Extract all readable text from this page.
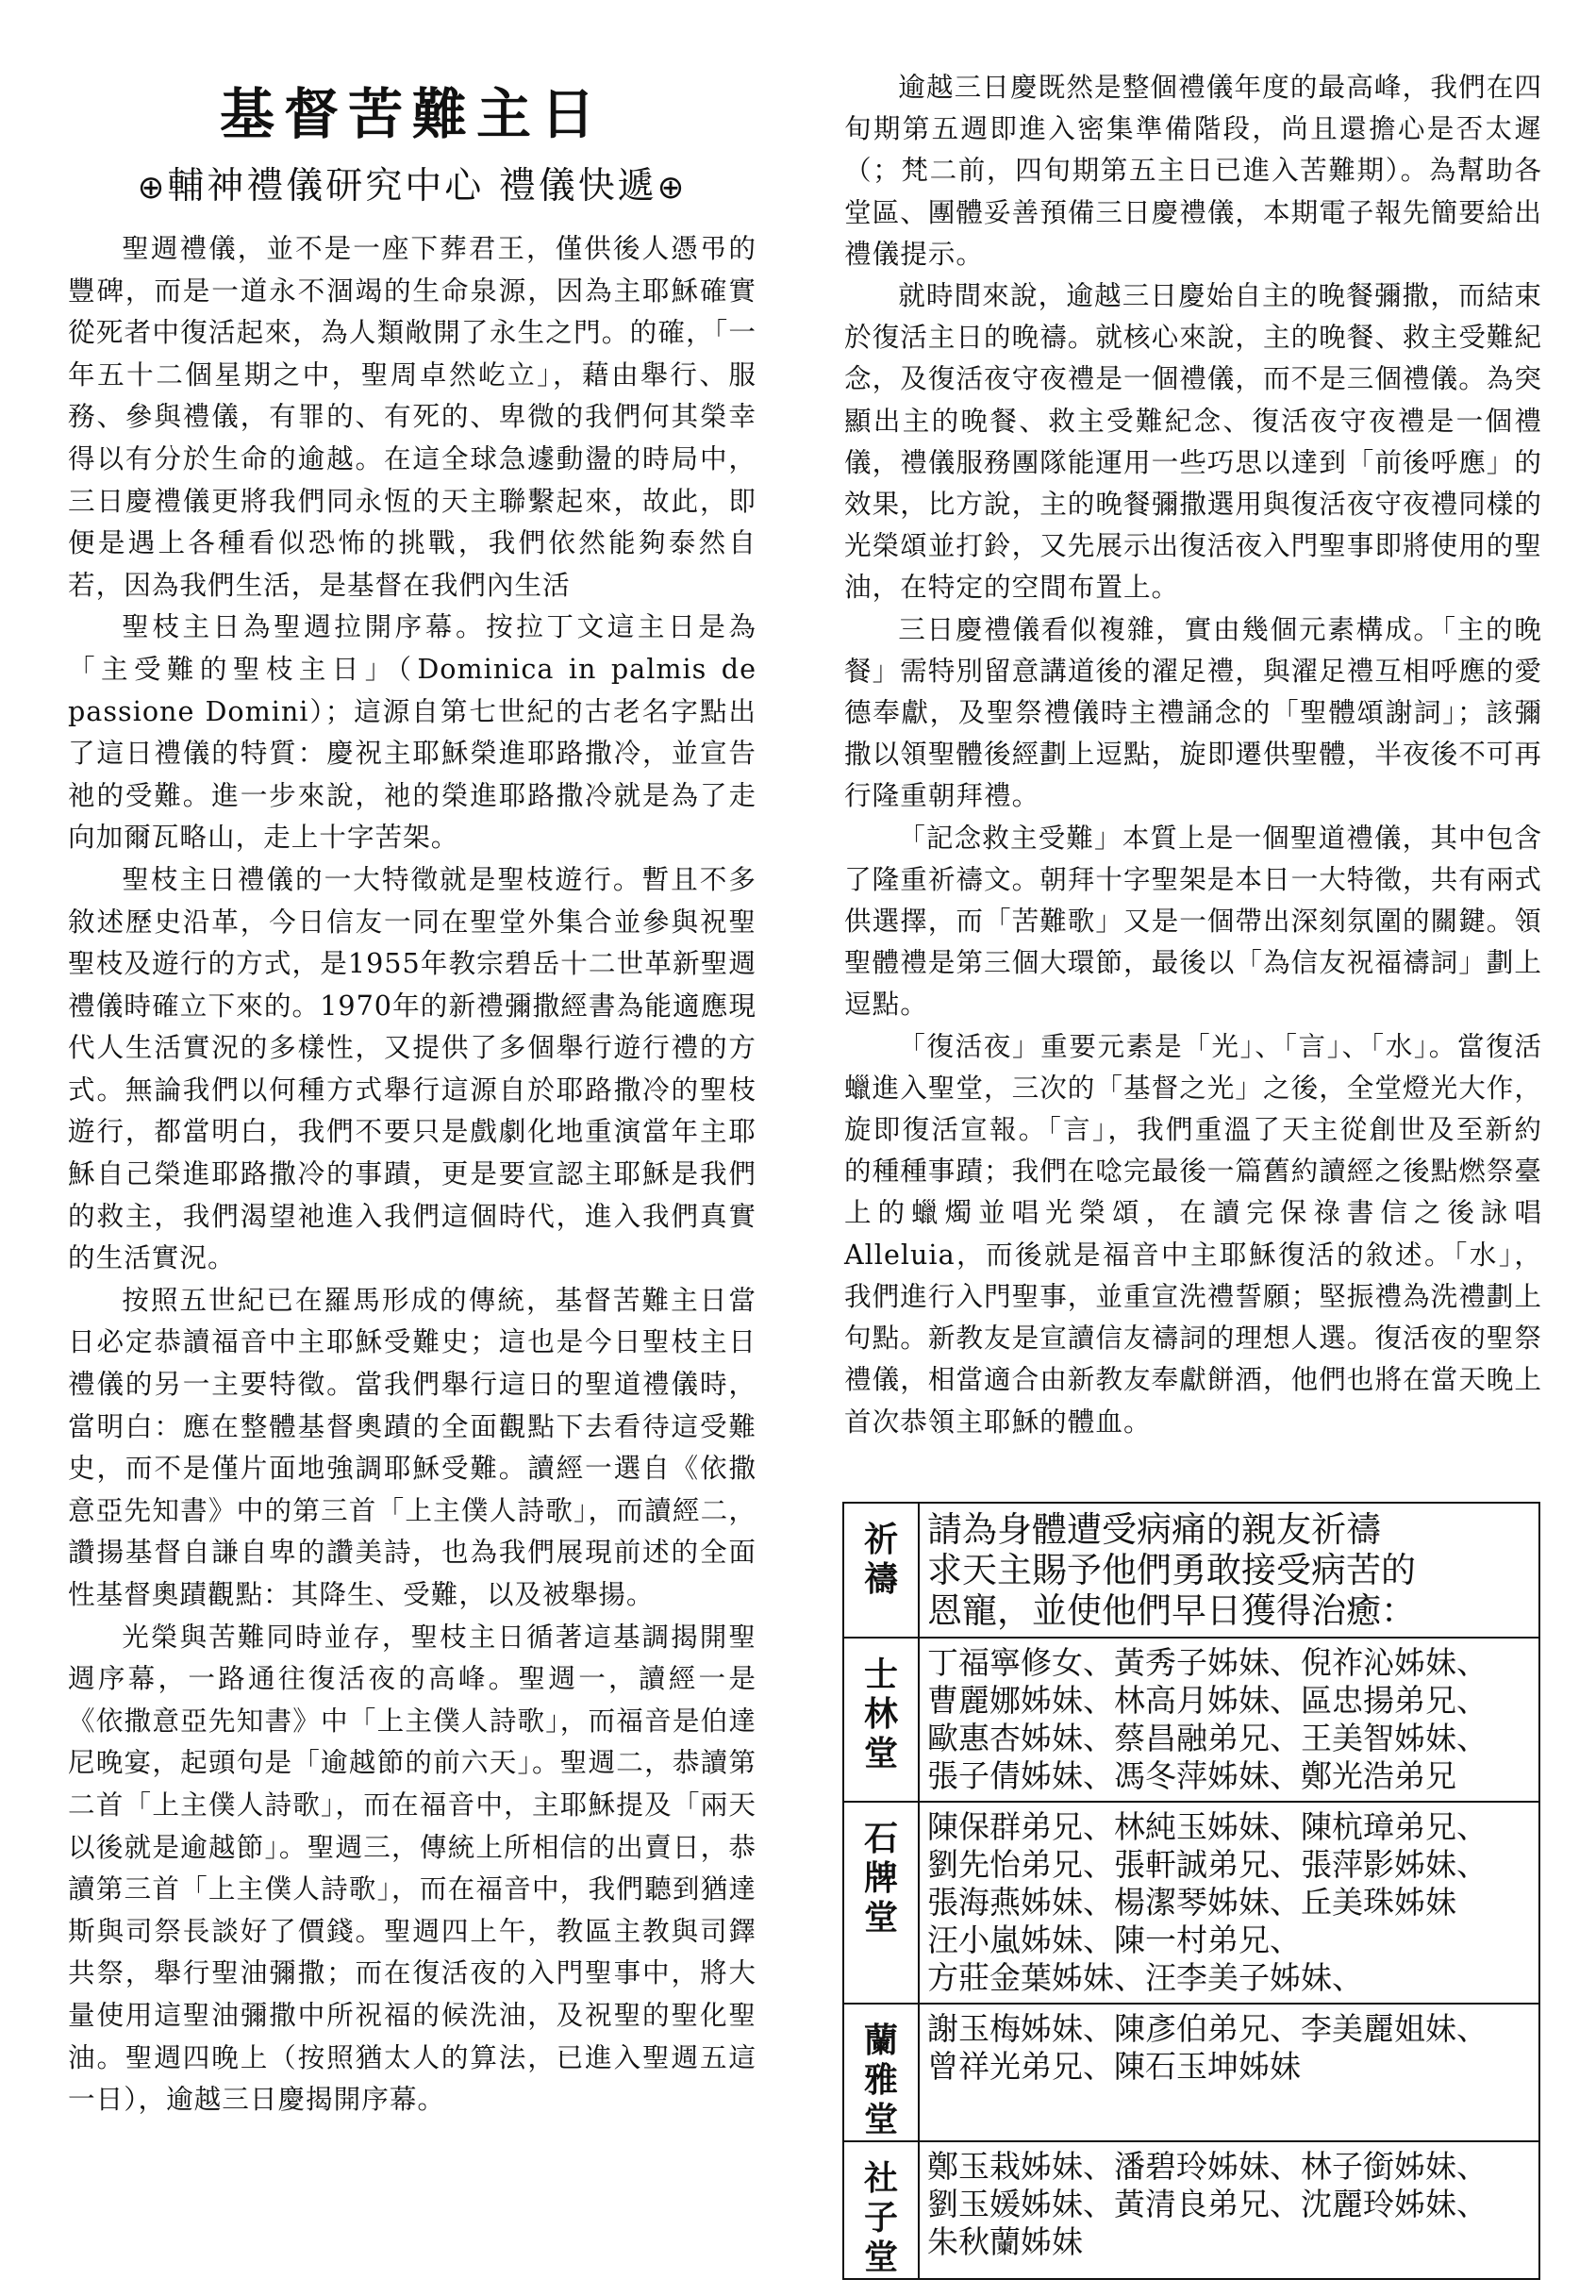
基督苦難主日
⊕輔神禮儀研究中心 禮儀快遞⊕

聖週禮儀，並不是一座下葬君王，僅供後人憑弔的豐碑，而是一道永不涸竭的生命泉源，因為主耶穌確實從死者中復活起來，為人類敞開了永生之門。的確，「一年五十二個星期之中，聖周卓然屹立」，藉由舉行、服務、參與禮儀，有罪的、有死的、卑微的我們何其榮幸得以有分於生命的逾越。在這全球急遽動盪的時局中，三日慶禮儀更將我們同永恆的天主聯繫起來，故此，即便是遇上各種看似恐怖的挑戰，我們依然能夠泰然自若，因為我們生活，是基督在我們內生活

聖枝主日為聖週拉開序幕。按拉丁文這主日是為「主受難的聖枝主日」（Dominica in palmis de passione Domini）；這源自第七世紀的古老名字點出了這日禮儀的特質：慶祝主耶穌榮進耶路撒冷，並宣告祂的受難。進一步來說，祂的榮進耶路撒冷就是為了走向加爾瓦略山，走上十字苦架。

聖枝主日禮儀的一大特徵就是聖枝遊行。暫且不多敘述歷史沿革，今日信友一同在聖堂外集合並參與祝聖聖枝及遊行的方式，是1955年教宗碧岳十二世革新聖週禮儀時確立下來的。1970年的新禮彌撒經書為能適應現代人生活實況的多樣性，又提供了多個舉行遊行禮的方式。無論我們以何種方式舉行這源自於耶路撒冷的聖枝遊行，都當明白，我們不要只是戲劇化地重演當年主耶穌自己榮進耶路撒冷的事蹟，更是要宣認主耶穌是我們的救主，我們渴望祂進入我們這個時代，進入我們真實的生活實況。

按照五世紀已在羅馬形成的傳統，基督苦難主日當日必定恭讀福音中主耶穌受難史；這也是今日聖枝主日禮儀的另一主要特徵。當我們舉行這日的聖道禮儀時，當明白：應在整體基督奧蹟的全面觀點下去看待這受難史，而不是僅片面地強調耶穌受難。讀經一選自《依撒意亞先知書》中的第三首「上主僕人詩歌」，而讀經二，讚揚基督自謙自卑的讚美詩，也為我們展現前述的全面性基督奧蹟觀點：其降生、受難，以及被舉揚。

光榮與苦難同時並存，聖枝主日循著這基調揭開聖週序幕，一路通往復活夜的高峰。聖週一，讀經一是《依撒意亞先知書》中「上主僕人詩歌」，而福音是伯達尼晚宴，起頭句是「逾越節的前六天」。聖週二，恭讀第二首「上主僕人詩歌」，而在福音中，主耶穌提及「兩天以後就是逾越節」。聖週三，傳統上所相信的出賣日，恭讀第三首「上主僕人詩歌」，而在福音中，我們聽到猶達斯與司祭長談好了價錢。聖週四上午，教區主教與司鐸共祭，舉行聖油彌撒；而在復活夜的入門聖事中，將大量使用這聖油彌撒中所祝福的候洗油，及祝聖的聖化聖油。聖週四晚上（按照猶太人的算法，已進入聖週五這一日），逾越三日慶揭開序幕。

逾越三日慶既然是整個禮儀年度的最高峰，我們在四旬期第五週即進入密集準備階段，尚且還擔心是否太遲（；梵二前，四旬期第五主日已進入苦難期）。為幫助各堂區、團體妥善預備三日慶禮儀，本期電子報先簡要給出禮儀提示。

就時間來說，逾越三日慶始自主的晚餐彌撒，而結束於復活主日的晚禱。就核心來說，主的晚餐、救主受難紀念，及復活夜守夜禮是一個禮儀，而不是三個禮儀。為突顯出主的晚餐、救主受難紀念、復活夜守夜禮是一個禮儀，禮儀服務團隊能運用一些巧思以達到「前後呼應」的效果，比方說，主的晚餐彌撒選用與復活夜守夜禮同樣的光榮頌並打鈴，又先展示出復活夜入門聖事即將使用的聖油，在特定的空間布置上。

三日慶禮儀看似複雜，實由幾個元素構成。「主的晚餐」需特別留意講道後的濯足禮，與濯足禮互相呼應的愛德奉獻，及聖祭禮儀時主禮誦念的「聖體頌謝詞」；該彌撒以領聖體後經劃上逗點，旋即遷供聖體，半夜後不可再行隆重朝拜禮。

「記念救主受難」本質上是一個聖道禮儀，其中包含了隆重祈禱文。朝拜十字聖架是本日一大特徵，共有兩式供選擇，而「苦難歌」又是一個帶出深刻氛圍的關鍵。領聖體禮是第三個大環節，最後以「為信友祝福禱詞」劃上逗點。

「復活夜」重要元素是「光」、「言」、「水」。當復活蠟進入聖堂，三次的「基督之光」之後，全堂燈光大作，旋即復活宣報。「言」，我們重溫了天主從創世及至新約的種種事蹟；我們在唸完最後一篇舊約讀經之後點燃祭臺上的蠟燭並唱光榮頌，在讀完保祿書信之後詠唱Alleluia，而後就是福音中主耶穌復活的敘述。「水」，我們進行入門聖事，並重宣洗禮誓願；堅振禮為洗禮劃上句點。新教友是宣讀信友禱詞的理想人選。復活夜的聖祭禮儀，相當適合由新教友奉獻餅酒，他們也將在當天晚上首次恭領主耶穌的體血。

祈禱	請為身體遭受病痛的親友祈禱
求天主賜予他們勇敢接受病苦的
恩寵，並使他們早日獲得治癒：

士林堂	丁福寧修女、黃秀子姊妹、倪祚沁姊妹、
曹麗娜姊妹、林高月姊妹、區忠揚弟兄、
歐惠杏姊妹、蔡昌融弟兄、王美智姊妹、
張子倩姊妹、馮冬萍姊妹、鄭光浩弟兄

石牌堂	陳保群弟兄、林純玉姊妹、陳杭璋弟兄、
劉先怡弟兄、張軒誠弟兄、張萍影姊妹、
張海燕姊妹、楊潔琴姊妹、丘美珠姊妹
汪小嵐姊妹、陳一村弟兄、
方莊金葉姊妹、汪李美子姊妹、

蘭雅堂	謝玉梅姊妹、陳彥伯弟兄、李美麗姐妹、
曾祥光弟兄、陳石玉坤姊妹

社子堂	鄭玉栽姊妹、潘碧玲姊妹、林子銜姊妹、
劉玉媛姊妹、黃清良弟兄、沈麗玲姊妹、
朱秋蘭姊妹
